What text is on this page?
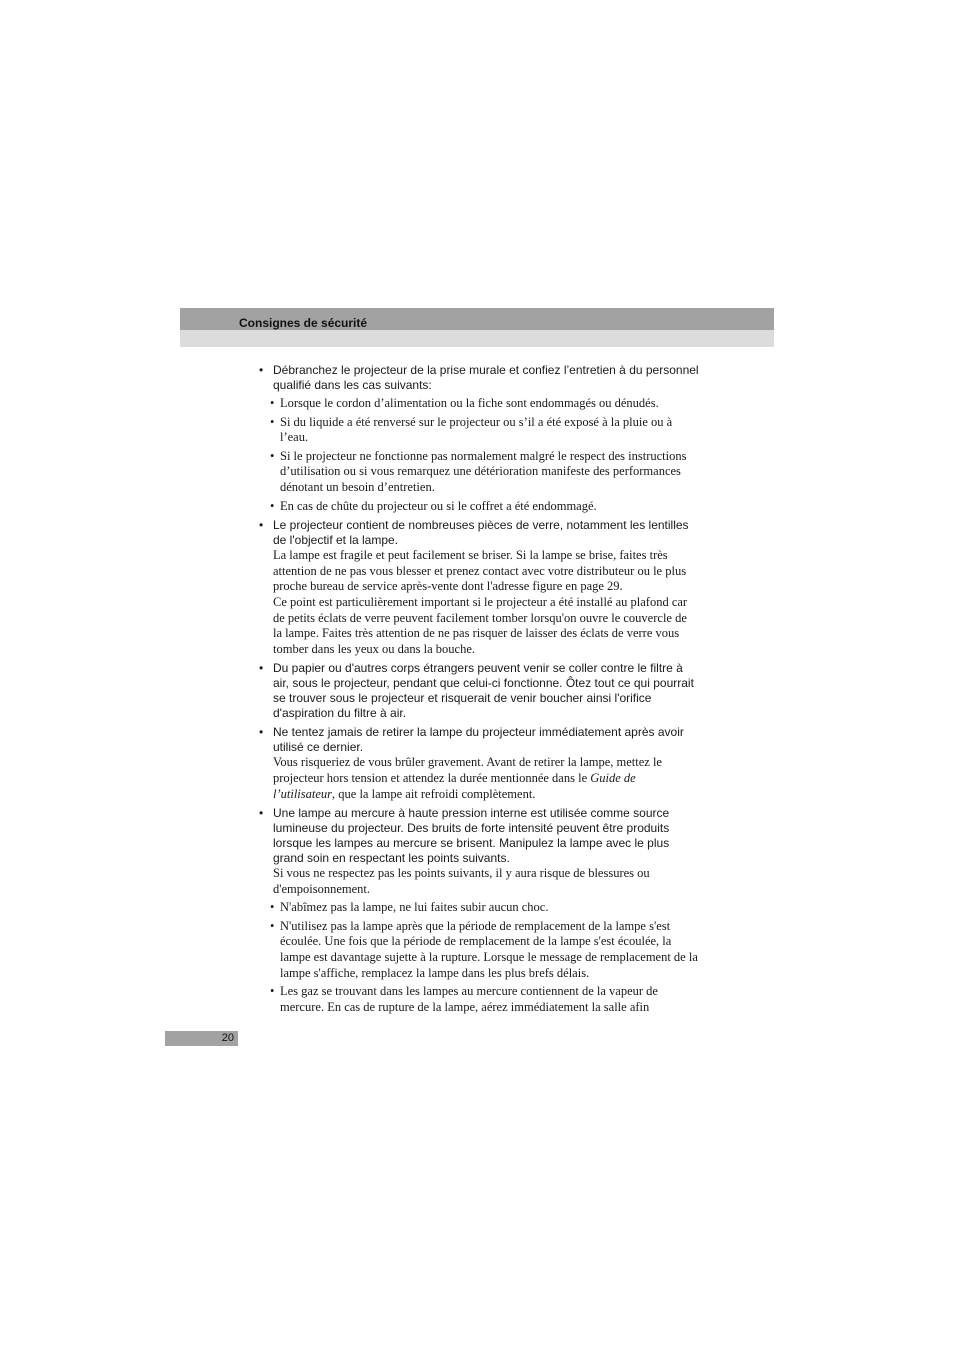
Consignes de sécurité
• Débranchez le projecteur de la prise murale et confiez l’entretien à du personnel qualifié dans les cas suivants:

• Lorsque le cordon d’alimentation ou la fiche sont endommagés ou dénudés.

• Si du liquide a été renversé sur le projecteur ou s’il a été exposé à la pluie ou à l’eau.

• Si le projecteur ne fonctionne pas normalement malgré le respect des instructions d’utilisation ou si vous remarquez une détérioration manifeste des performances dénotant un besoin d’entretien.

• En cas de chûte du projecteur ou si le coffret a été endommagé.

• Le projecteur contient de nombreuses pièces de verre, notamment les lentilles de l'objectif et la lampe.

La lampe est fragile et peut facilement se briser. Si la lampe se brise, faites très attention de ne pas vous blesser et prenez contact avec votre distributeur ou le plus proche bureau de service après-vente dont l'adresse figure en page 29.

Ce point est particulièrement important si le projecteur a été installé au plafond car de petits éclats de verre peuvent facilement tomber lorsqu'on ouvre le couvercle de la lampe. Faites très attention de ne pas risquer de laisser des éclats de verre vous tomber dans les yeux ou dans la bouche.

• Du papier ou d'autres corps étrangers peuvent venir se coller contre le filtre à air, sous le projecteur, pendant que celui-ci fonctionne. Ôtez tout ce qui pourrait se trouver sous le projecteur et risquerait de venir boucher ainsi l'orifice d'aspiration du filtre à air.

• Ne tentez jamais de retirer la lampe du projecteur immédiatement après avoir utilisé ce dernier.

Vous risqueriez de vous brûler gravement. Avant de retirer la lampe, mettez le projecteur hors tension et attendez la durée mentionnée dans le Guide de l’utilisateur, que la lampe ait refroidi complètement.

• Une lampe au mercure à haute pression interne est utilisée comme source lumineuse du projecteur. Des bruits de forte intensité peuvent être produits lorsque les lampes au mercure se brisent. Manipulez la lampe avec le plus grand soin en respectant les points suivants.

Si vous ne respectez pas les points suivants, il y aura risque de blessures ou d'empoisonnement.

• N'abîmez pas la lampe, ne lui faites subir aucun choc.

• N'utilisez pas la lampe après que la période de remplacement de la lampe s'est écoulée. Une fois que la période de remplacement de la lampe s'est écoulée, la lampe est davantage sujette à la rupture. Lorsque le message de remplacement de la lampe s'affiche, remplacez la lampe dans les plus brefs délais.

• Les gaz se trouvant dans les lampes au mercure contiennent de la vapeur de mercure. En cas de rupture de la lampe, aérez immédiatement la salle afin

20
